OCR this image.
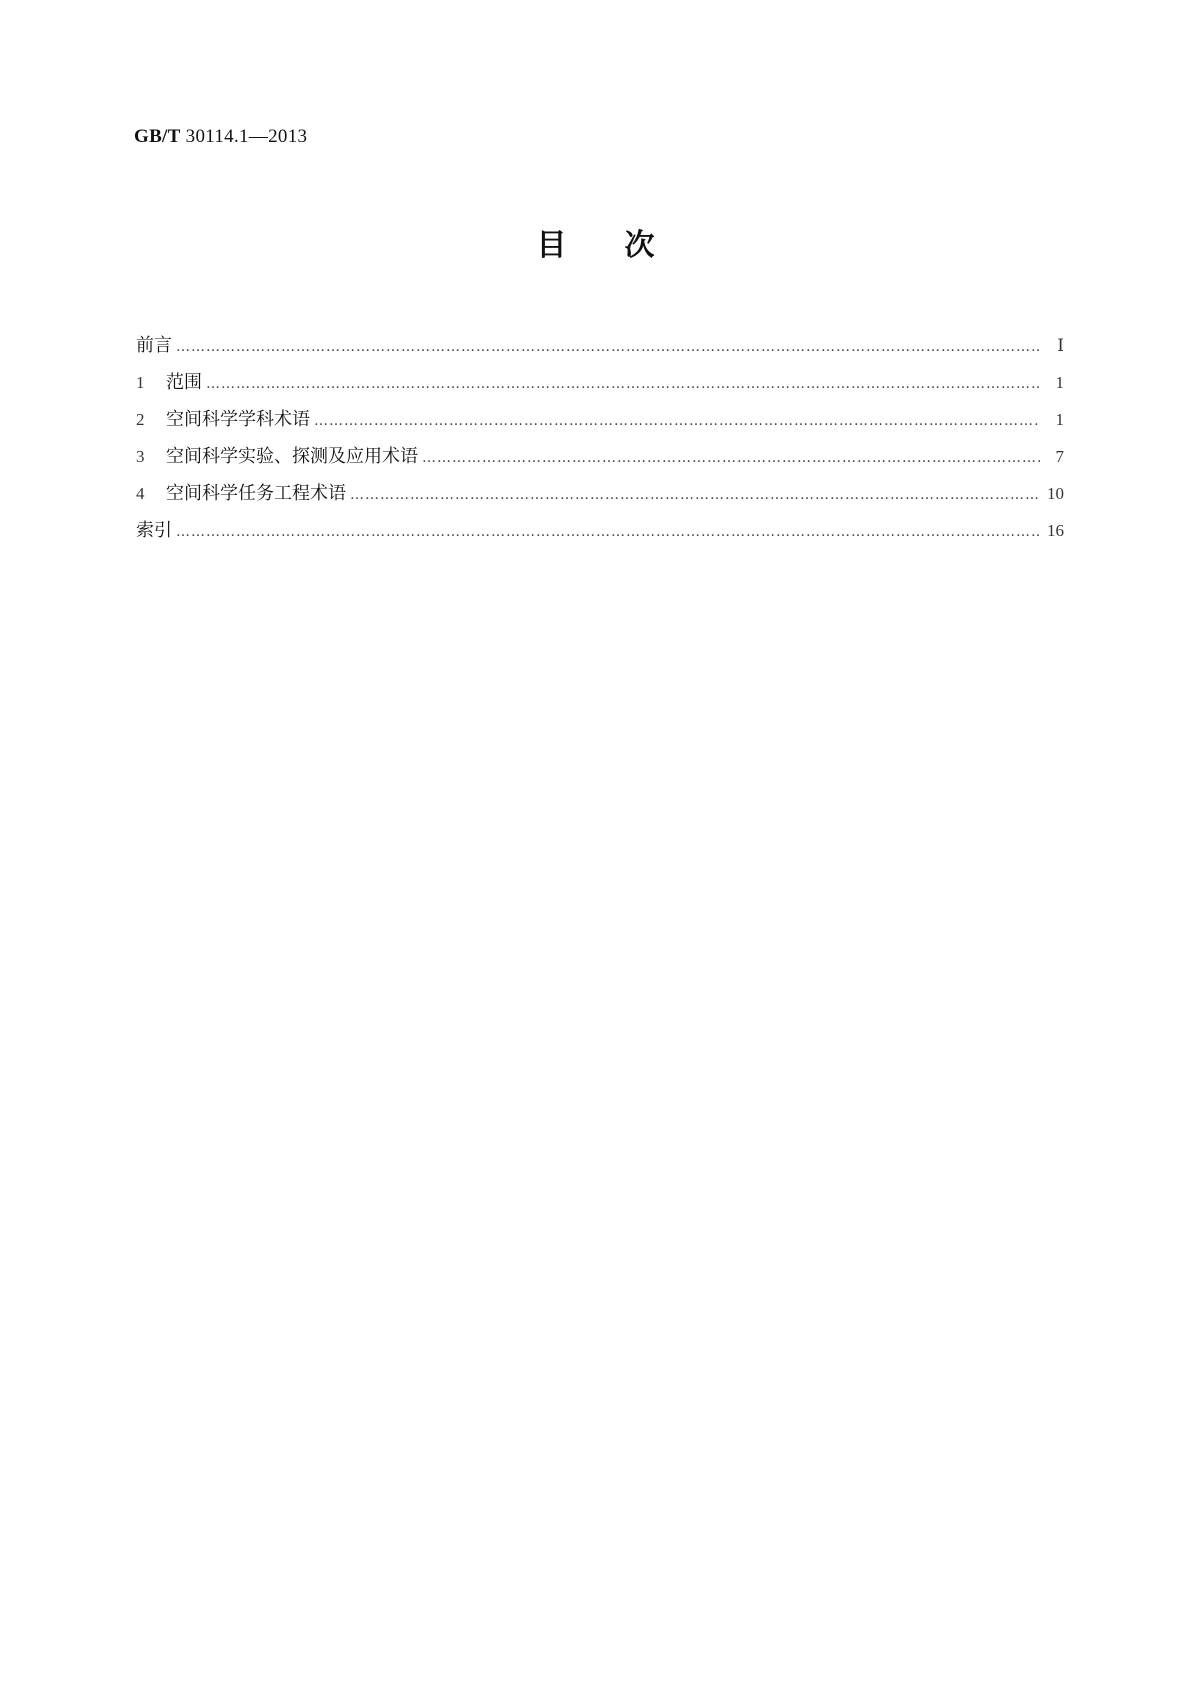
GB/T 30114.1—2013
目次
前言 ………………………………………………………………………………………………………………………………………………………………………………	Ⅰ
1	范围 ………………………………………………………………………………………………………………………………………………………………………………	1
2	空间科学学科术语 ………………………………………………………………………………………………………………………………………………………………………………	1
3	空间科学实验、探测及应用术语 ………………………………………………………………………………………………………………………………………………………………………………	7
4	空间科学任务工程术语 ………………………………………………………………………………………………………………………………………………………………………………	10
索引 ………………………………………………………………………………………………………………………………………………………………………………	16
